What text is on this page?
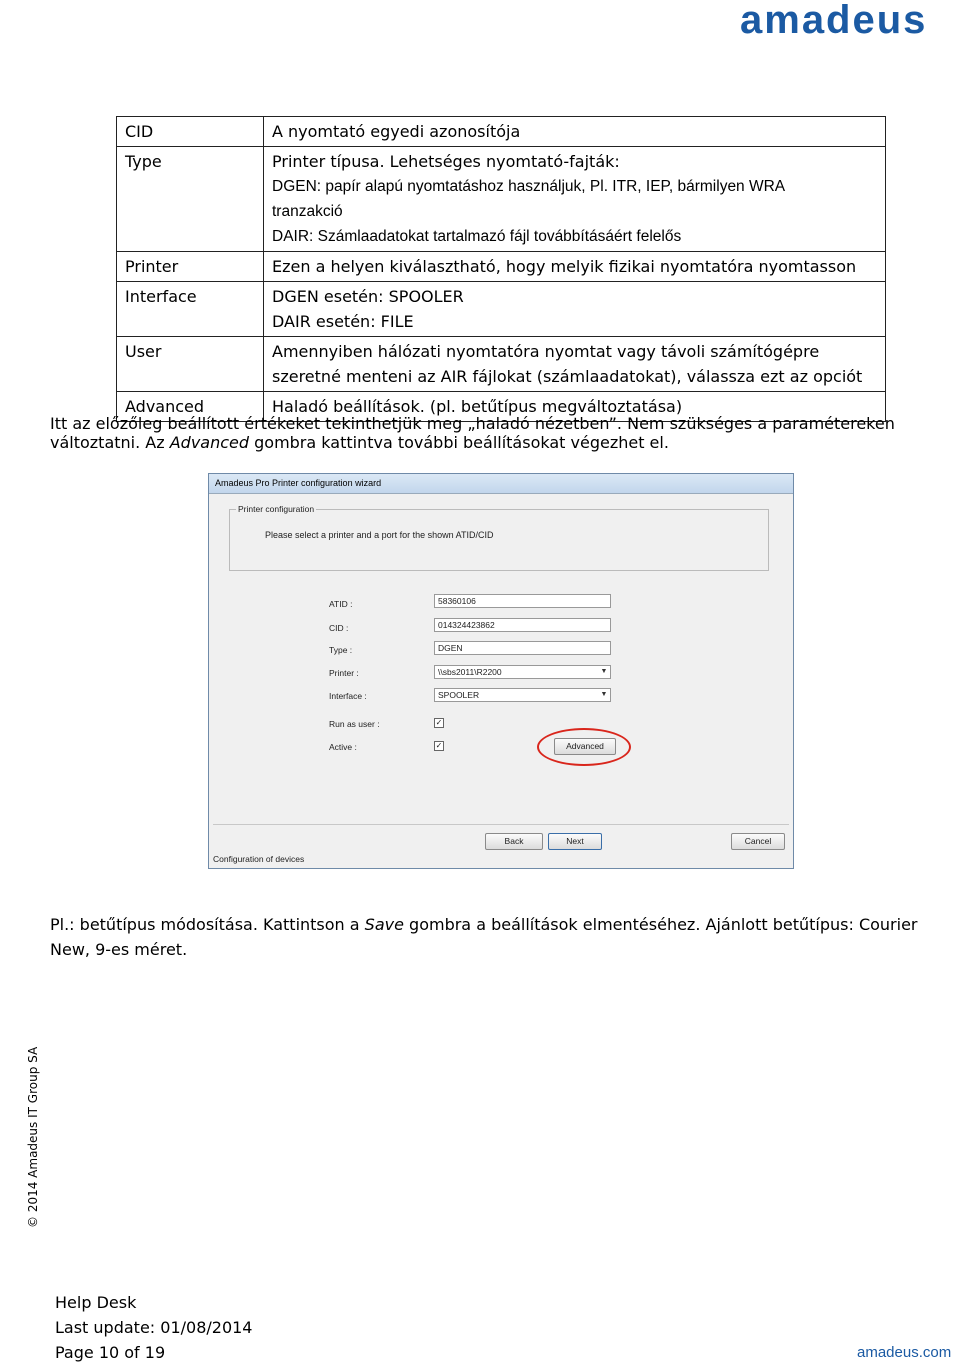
amadeus
CID	A nyomtató egyedi azonosítója

Type	Printer típusa. Lehetséges nyomtató-fajták:
DGEN: papír alapú nyomtatáshoz használjuk, Pl. ITR, IEP, bármilyen WRA
tranzakció
DAIR: Számlaadatokat tartalmazó fájl továbbításáért felelős

Printer	Ezen a helyen kiválasztható, hogy melyik fizikai nyomtatóra nyomtasson

Interface	DGEN esetén: SPOOLER
DAIR esetén: FILE

User	Amennyiben hálózati nyomtatóra nyomtat vagy távoli számítógépre
szeretné menteni az AIR fájlokat (számlaadatokat), válassza ezt az opciót

Advanced	Haladó beállítások. (pl. betűtípus megváltoztatása)

Itt az előzőleg beállított értékeket tekinthetjük meg „haladó nézetben”. Nem szükséges a paramétereken változtatni. Az Advanced gombra kattintva további beállításokat végezhet el.

Amadeus Pro Printer configuration wizard
Printer configuration
Please select a printer and a port for the shown ATID/CID
ATID :	58360106
CID :	014324423862
Type :	DGEN
Printer :	\\sbs2011\R2200	▼
Interface :	SPOOLER	▼
Run as user :	✓
Active :	✓	Advanced
Back	Next	Cancel
Configuration of devices

Pl.: betűtípus módosítása. Kattintson a Save gombra a beállítások elmentéséhez. Ajánlott betűtípus: Courier
New, 9-es méret.

© 2014 Amadeus IT Group SA
Help Desk
Last update: 01/08/2014
Page 10 of 19	amadeus.com
